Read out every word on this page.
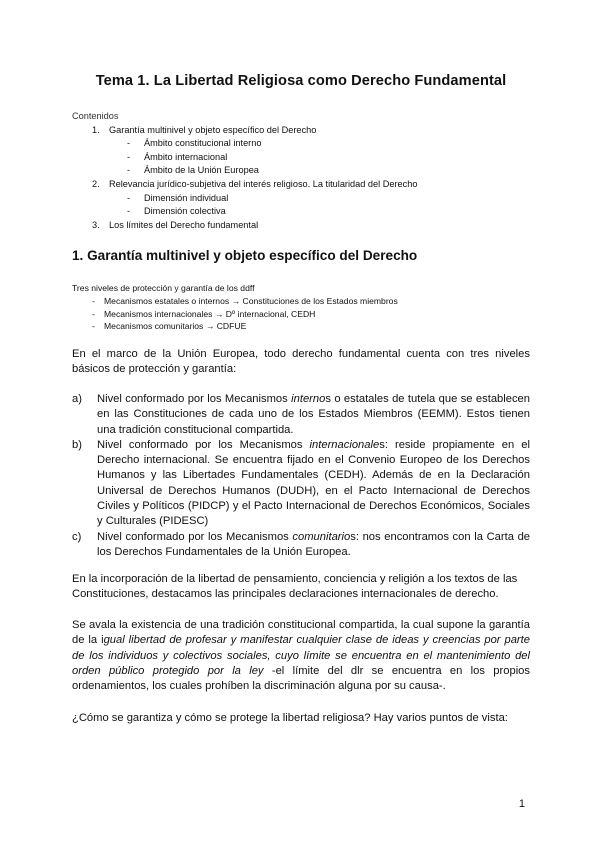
Tema 1. La Libertad Religiosa como Derecho Fundamental
Contenidos
1. Garantía multinivel y objeto específico del Derecho
- Ámbito constitucional interno
- Ámbito internacional
- Ámbito de la Unión Europea
2. Relevancia jurídico-subjetiva del interés religioso. La titularidad del Derecho
- Dimensión individual
- Dimensión colectiva
3. Los límites del Derecho fundamental
1. Garantía multinivel y objeto específico del Derecho
Tres niveles de protección y garantía de los ddff
- Mecanismos estatales o internos → Constituciones de los Estados miembros
- Mecanismos internacionales → Dº internacional, CEDH
- Mecanismos comunitarios → CDFUE
En el marco de la Unión Europea, todo derecho fundamental cuenta con tres niveles básicos de protección y garantía:
a) Nivel conformado por los Mecanismos internos o estatales de tutela que se establecen en las Constituciones de cada uno de los Estados Miembros (EEMM). Estos tienen una tradición constitucional compartida.
b) Nivel conformado por los Mecanismos internacionales: reside propiamente en el Derecho internacional. Se encuentra fijado en el Convenio Europeo de los Derechos Humanos y las Libertades Fundamentales (CEDH). Además de en la Declaración Universal de Derechos Humanos (DUDH), en el Pacto Internacional de Derechos Civiles y Políticos (PIDCP) y el Pacto Internacional de Derechos Económicos, Sociales y Culturales (PIDESC)
c) Nivel conformado por los Mecanismos comunitarios: nos encontramos con la Carta de los Derechos Fundamentales de la Unión Europea.
En la incorporación de la libertad de pensamiento, conciencia y religión a los textos de las Constituciones, destacamos las principales declaraciones internacionales de derecho.
Se avala la existencia de una tradición constitucional compartida, la cual supone la garantía de la igual libertad de profesar y manifestar cualquier clase de ideas y creencias por parte de los individuos y colectivos sociales, cuyo límite se encuentra en el mantenimiento del orden público protegido por la ley -el límite del dlr se encuentra en los propios ordenamientos, los cuales prohíben la discriminación alguna por su causa-.
¿Cómo se garantiza y cómo se protege la libertad religiosa? Hay varios puntos de vista:
1
